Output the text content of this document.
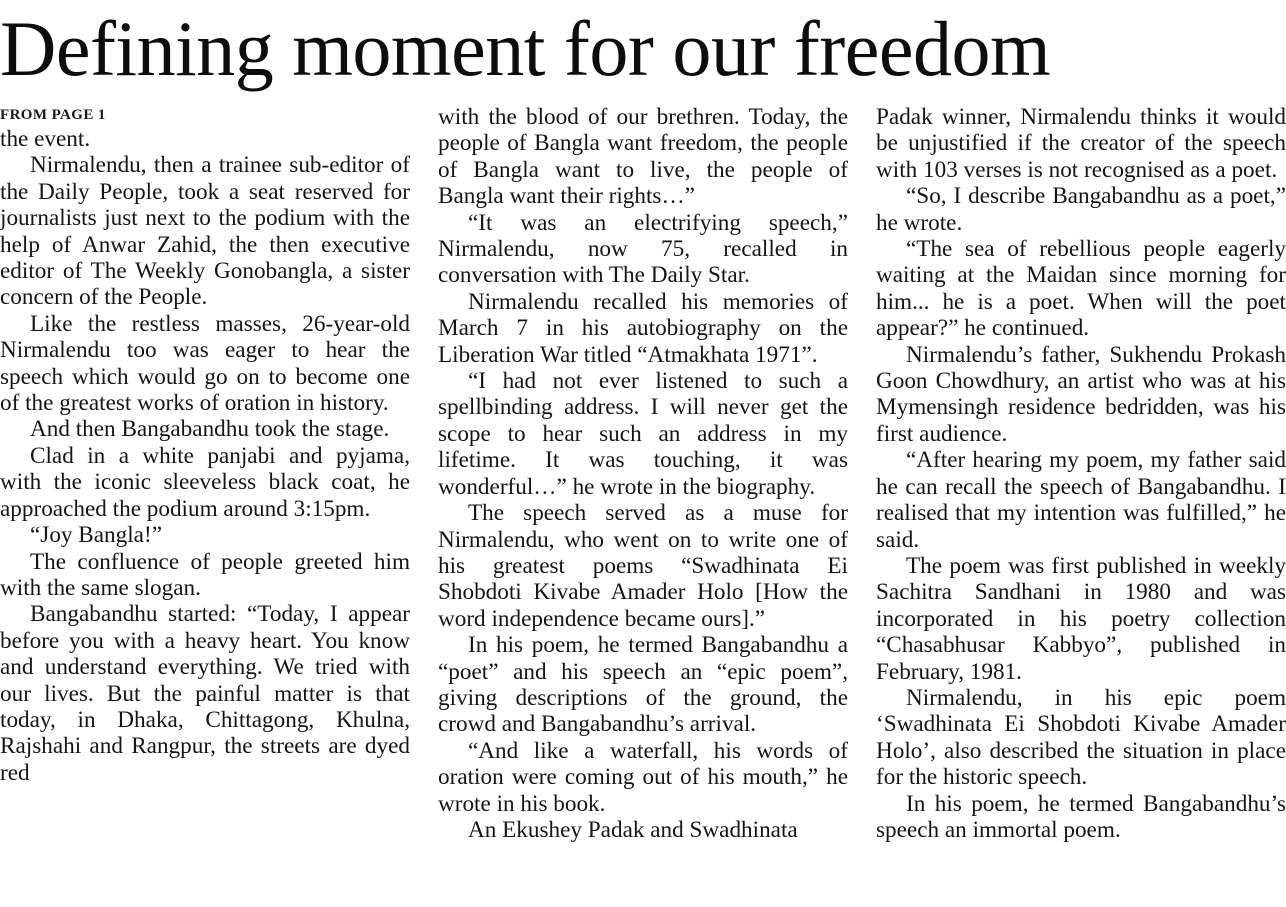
Defining moment for our freedom
FROM PAGE 1

the event.

Nirmalendu, then a trainee sub-editor of the Daily People, took a seat reserved for journalists just next to the podium with the help of Anwar Zahid, the then executive editor of The Weekly Gonobangla, a sister concern of the People.

Like the restless masses, 26-year-old Nirmalendu too was eager to hear the speech which would go on to become one of the greatest works of oration in history.

And then Bangabandhu took the stage.

Clad in a white panjabi and pyjama, with the iconic sleeveless black coat, he approached the podium around 3:15pm.

“Joy Bangla!”

The confluence of people greeted him with the same slogan.

Bangabandhu started: “Today, I appear before you with a heavy heart. You know and understand everything. We tried with our lives. But the painful matter is that today, in Dhaka, Chittagong, Khulna, Rajshahi and Rangpur, the streets are dyed red

with the blood of our brethren. Today, the people of Bangla want freedom, the people of Bangla want to live, the people of Bangla want their rights…”

“It was an electrifying speech,” Nirmalendu, now 75, recalled in conversation with The Daily Star.

Nirmalendu recalled his memories of March 7 in his autobiography on the Liberation War titled “Atmakhata 1971”.

“I had not ever listened to such a spellbinding address. I will never get the scope to hear such an address in my lifetime. It was touching, it was wonderful…” he wrote in the biography.

The speech served as a muse for Nirmalendu, who went on to write one of his greatest poems “Swadhinata Ei Shobdoti Kivabe Amader Holo [How the word independence became ours].”

In his poem, he termed Bangabandhu a “poet” and his speech an “epic poem”, giving descriptions of the ground, the crowd and Bangabandhu’s arrival.

“And like a waterfall, his words of oration were coming out of his mouth,” he wrote in his book.

An Ekushey Padak and Swadhinata

Padak winner, Nirmalendu thinks it would be unjustified if the creator of the speech with 103 verses is not recognised as a poet.

“So, I describe Bangabandhu as a poet,” he wrote.

“The sea of rebellious people eagerly waiting at the Maidan since morning for him... he is a poet. When will the poet appear?” he continued.

Nirmalendu’s father, Sukhendu Prokash Goon Chowdhury, an artist who was at his Mymensingh residence bedridden, was his first audience.

“After hearing my poem, my father said he can recall the speech of Bangabandhu. I realised that my intention was fulfilled,” he said.

The poem was first published in weekly Sachitra Sandhani in 1980 and was incorporated in his poetry collection “Chasabhusar Kabbyo”, published in February, 1981.

Nirmalendu, in his epic poem ‘Swadhinata Ei Shobdoti Kivabe Amader Holo’, also described the situation in place for the historic speech.

In his poem, he termed Bangabandhu’s speech an immortal poem.
